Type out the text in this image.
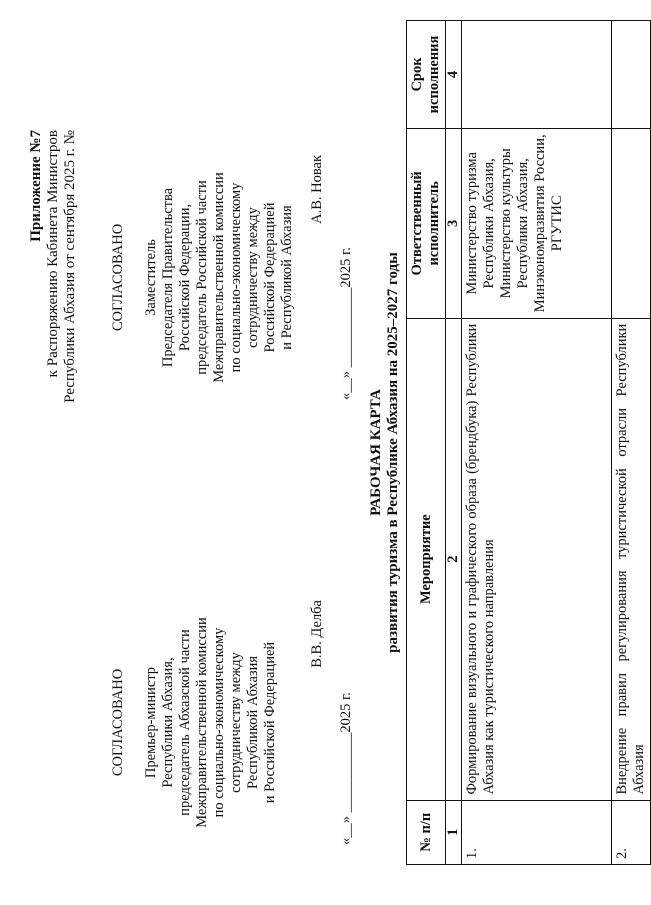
Приложение №7 к Распоряжению Кабинета Министров Республики Абхазия от сентября 2025 г. №
СОГЛАСОВАНО Премьер-министр Республики Абхазия, председатель Абхазской части Межправительственной комиссии по социально-экономическому сотрудничеству между Республикой Абхазия и Российской Федерацией
В.В. Делба
«__» ___________2025 г.
СОГЛАСОВАНО Заместитель Председателя Правительства Российской Федерации, председатель Российской части Межправительственной комиссии по социально-экономическому сотрудничеству между Российской Федерацией и Республикой Абхазия
А.В. Новак
«__» ___________2025 г.
РАБОЧАЯ КАРТА развития туризма в Республике Абхазия на 2025–2027 годы
№ п/п	Мероприятие	Ответственный исполнитель	Срок исполнения
1	2	3	4
1.	Формирование визуального и графического образа (брендбука) Республики Абхазия как туристического направления	Министерство туризма Республики Абхазия, Министерство культуры Республики Абхазия, Минэкономразвития России, РГУТИС	
2.	Внедрение правил регулирования туристической отрасли Республики Абхазия		
